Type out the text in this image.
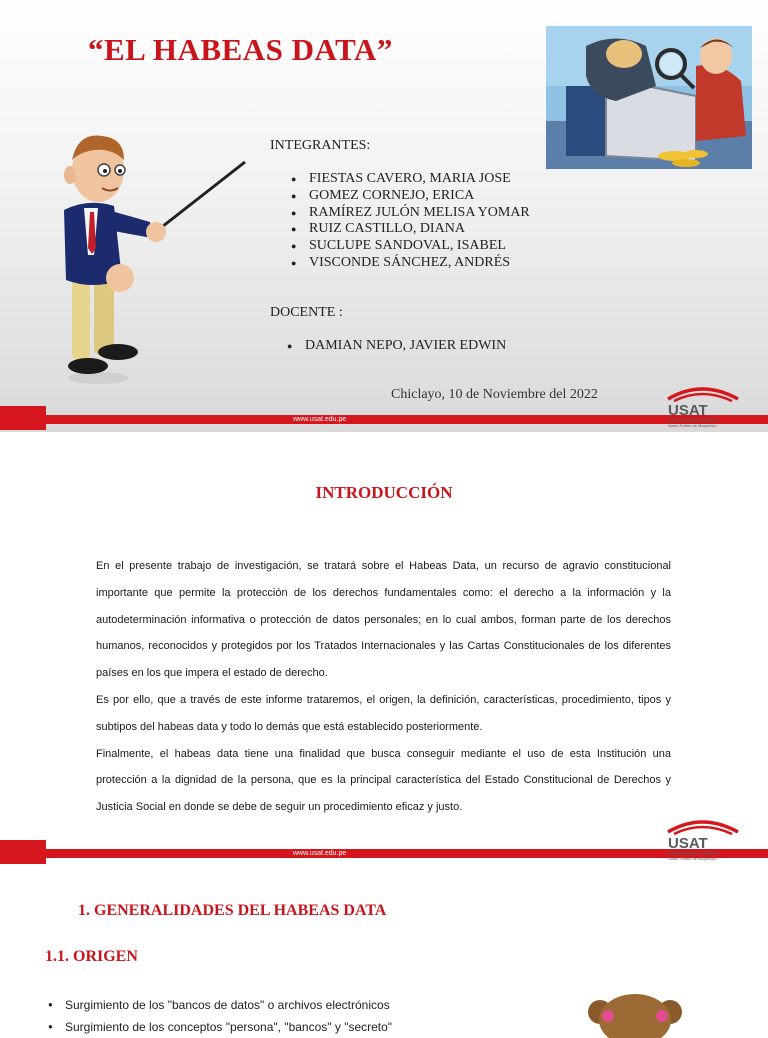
“EL HABEAS DATA”
INTEGRANTES:
● FIESTAS CAVERO, MARIA JOSE
● GOMEZ CORNEJO, ERICA
● RAMÍREZ JULÓN MELISA YOMAR
● RUIZ CASTILLO, DIANA
● SUCLUPE SANDOVAL, ISABEL
● VISCONDE SÁNCHEZ, ANDRÉS
DOCENTE :
● DAMIAN NEPO, JAVIER EDWIN
Chiclayo, 10 de Noviembre del 2022
www.usat.edu.pe
USAT
Universidad Católica
Santo Toribio de Mogrovejo
INTRODUCCIÓN

En el presente trabajo de investigación, se tratará sobre el Habeas Data, un recurso de agravio constitucional importante que permite la protección de los derechos fundamentales como: el derecho a la información y la autodeterminación informativa o protección de datos personales; en lo cual ambos, forman parte de los derechos humanos, reconocidos y protegidos por los Tratados Internacionales y las Cartas Constitucionales de los diferentes países en los que impera el estado de derecho.

Es por ello, que a través de este informe trataremos, el origen, la definición, características, procedimiento, tipos y subtipos del habeas data y todo lo demás que está establecido posteriormente.

Finalmente, el habeas data tiene una finalidad que busca conseguir mediante el uso de esta Institución una protección a la dignidad de la persona, que es la principal característica del Estado Constitucional de Derechos y Justicia Social en donde se debe de seguir un procedimiento eficaz y justo.

www.usat.edu.pe
USAT
Universidad Católica
Santo Toribio de Mogrovejo
1. GENERALIDADES DEL HABEAS DATA
1.1. ORIGEN
● Surgimiento de los "bancos de datos" o archivos electrónicos
● Surgimiento de los conceptos "persona", "bancos" y "secreto"
